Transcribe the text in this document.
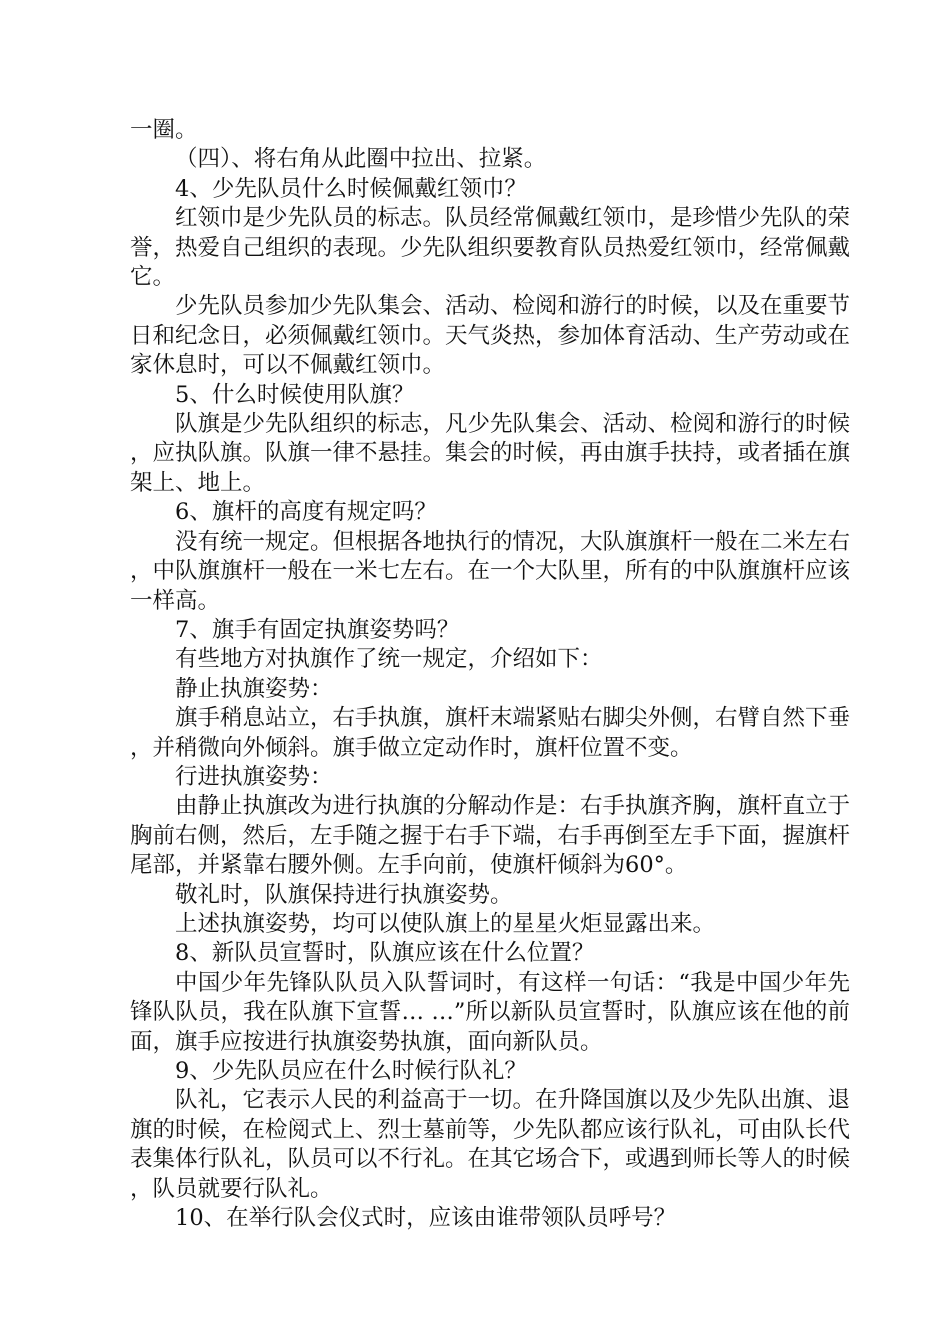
一圈。

（四）、将右角从此圈中拉出、拉紧。

4、少先队员什么时候佩戴红领巾？

红领巾是少先队员的标志。队员经常佩戴红领巾，是珍惜少先队的荣誉，热爱自己组织的表现。少先队组织要教育队员热爱红领巾，经常佩戴它。

少先队员参加少先队集会、活动、检阅和游行的时候，以及在重要节日和纪念日，必须佩戴红领巾。天气炎热，参加体育活动、生产劳动或在家休息时，可以不佩戴红领巾。

5、什么时候使用队旗？

队旗是少先队组织的标志，凡少先队集会、活动、检阅和游行的时候，应执队旗。队旗一律不悬挂。集会的时候，再由旗手扶持，或者插在旗架上、地上。

6、旗杆的高度有规定吗？

没有统一规定。但根据各地执行的情况，大队旗旗杆一般在二米左右，中队旗旗杆一般在一米七左右。在一个大队里，所有的中队旗旗杆应该一样高。

7、旗手有固定执旗姿势吗？

有些地方对执旗作了统一规定，介绍如下：

静止执旗姿势：

旗手稍息站立，右手执旗，旗杆末端紧贴右脚尖外侧，右臂自然下垂，并稍微向外倾斜。旗手做立定动作时，旗杆位置不变。

行进执旗姿势：

由静止执旗改为进行执旗的分解动作是：右手执旗齐胸，旗杆直立于胸前右侧，然后，左手随之握于右手下端，右手再倒至左手下面，握旗杆尾部，并紧靠右腰外侧。左手向前，使旗杆倾斜为60°。

敬礼时，队旗保持进行执旗姿势。

上述执旗姿势，均可以使队旗上的星星火炬显露出来。

8、新队员宣誓时，队旗应该在什么位置？

中国少年先锋队队员入队誓词时，有这样一句话：“我是中国少年先锋队队员，我在队旗下宣誓… …”所以新队员宣誓时，队旗应该在他的前面，旗手应按进行执旗姿势执旗，面向新队员。

9、少先队员应在什么时候行队礼？

队礼，它表示人民的利益高于一切。在升降国旗以及少先队出旗、退旗的时候，在检阅式上、烈士墓前等，少先队都应该行队礼，可由队长代表集体行队礼，队员可以不行礼。在其它场合下，或遇到师长等人的时候，队员就要行队礼。

10、在举行队会仪式时，应该由谁带领队员呼号？
